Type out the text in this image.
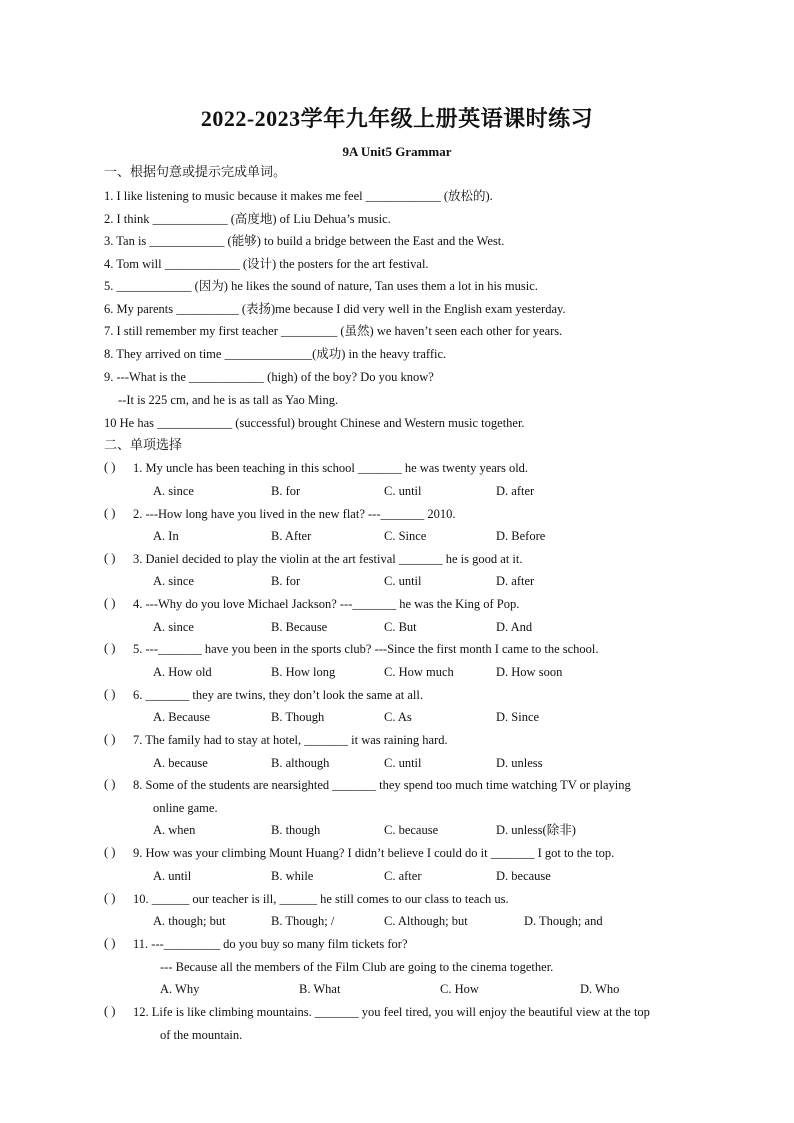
2022-2023学年九年级上册英语课时练习
9A Unit5 Grammar
一、根据句意或提示完成单词。
1. I like listening to music because it makes me feel ____________ (放松的).
2. I think ____________ (高度地) of Liu Dehua’s music.
3. Tan is ____________ (能够) to build a bridge between the East and the West.
4. Tom will ____________ (设计) the posters for the art festival.
5. ____________ (因为) he likes the sound of nature, Tan uses them a lot in his music.
6. My parents __________ (表扬)me because I did very well in the English exam yesterday.
7. I still remember my first teacher _________ (虽然) we haven’t seen each other for years.
8. They arrived on time ______________(成功) in the heavy traffic.
9. ---What is the ____________ (high) of the boy? Do you know?
--It is 225 cm, and he is as tall as Yao Ming.
10 He has ____________ (successful) brought Chinese and Western music together.
二、单项选择
( ) 1. My uncle has been teaching in this school _______ he was twenty years old.
A. since	B. for	C. until	D. after
( ) 2. ---How long have you lived in the new flat? ---_______ 2010.
A. In	B. After	C. Since	D. Before
( ) 3. Daniel decided to play the violin at the art festival _______ he is good at it.
A. since	B. for	C. until	D. after
( ) 4. ---Why do you love Michael Jackson? ---_______ he was the King of Pop.
A. since	B. Because	C. But	D. And
( ) 5. ---_______ have you been in the sports club? ---Since the first month I came to the school.
A. How old	B. How long	C. How much	D. How soon
( ) 6. _______ they are twins, they don’t look the same at all.
A. Because	B. Though	C. As	D. Since
( ) 7. The family had to stay at hotel, _______ it was raining hard.
A. because	B. although	C. until	D. unless
( ) 8. Some of the students are nearsighted _______ they spend too much time watching TV or playing
online game.
A. when	B. though	C. because	D. unless(除非)
( ) 9. How was your climbing Mount Huang? I didn’t believe I could do it _______ I got to the top.
A. until	B. while	C. after	D. because
( ) 10. ______ our teacher is ill, ______ he still comes to our class to teach us.
A. though; but	B. Though; /	C. Although; but	D. Though; and
( ) 11. ---_________ do you buy so many film tickets for?
--- Because all the members of the Film Club are going to the cinema together.
A. Why	B. What	C. How	D. Who
( ) 12. Life is like climbing mountains. _______ you feel tired, you will enjoy the beautiful view at the top
of the mountain.
